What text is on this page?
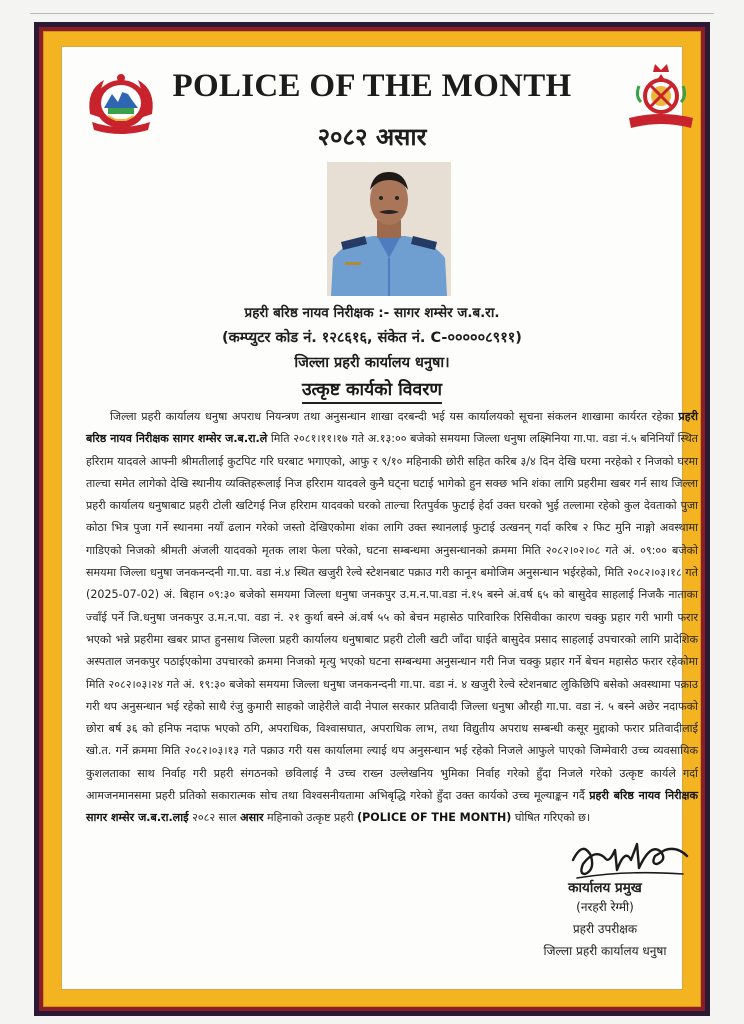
POLICE OF THE MONTH
२०८२ असार
प्रहरी बरिष्ठ नायव निरीक्षक :- सागर शम्सेर ज.ब.रा.
(कम्प्युटर कोड नं. १२८६१६, संकेत नं. C-०००००८९११)
जिल्ला प्रहरी कार्यालय धनुषा।
उत्कृष्ट कार्यको विवरण

जिल्ला प्रहरी कार्यालय धनुषा अपराध नियन्त्रण तथा अनुसन्धान शाखा दरबन्दी भई यस कार्यालयको सूचना संकलन शाखामा कार्यरत रहेका प्रहरी बरिष्ठ नायव निरीक्षक सागर शम्सेर ज.ब.रा.ले मिति २०८१।११।१७ गते अ.१३:०० बजेको समयमा जिल्ला धनुषा लक्ष्मिनिया गा.पा. वडा नं.५ बनिनियाँ स्थित हरिराम यादवले आफ्नी श्रीमतीलाई कुटपिट गरि घरबाट भगाएको, आफु र ९/१० महिनाकी छोरी सहित करिब ३/४ दिन देखि घरमा नरहेको र निजको घरमा ताल्चा समेत लागेको देखि स्थानीय व्यक्तिहरूलाई निज हरिराम यादवले कुनै घट्ना घटाई भागेको हुन सक्छ भनि शंका लागि प्रहरीमा खबर गर्न साथ जिल्ला प्रहरी कार्यालय धनुषाबाट प्रहरी टोली खटिगई निज हरिराम यादवको घरको ताल्चा रितपुर्वक फुटाई हेर्दा उक्त घरको भुई तल्लामा रहेको कुल देवताको पुजा कोठा भित्र पुजा गर्ने स्थानमा नयाँ ढलान गरेको जस्तो देखिएकोमा शंका लागि उक्त स्थानलाई फुटाई उत्खनन् गर्दा करिब २ फिट मुनि नाङ्गो अवस्थामा गाडिएको निजको श्रीमती अंजली यादवको मृतक लाश फेला परेको, घटना सम्बन्धमा अनुसन्धानको क्रममा मिति २०८२।०२।०८ गते अं. ०९:०० बजेको समयमा जिल्ला धनुषा जनकनन्दनी गा.पा. वडा नं.४ स्थित खजुरी रेल्वे स्टेशनबाट पक्राउ गरी कानून बमोजिम अनुसन्धान भईरहेको, मिति २०८२।०३।१८ गते (2025-07-02) अं. बिहान ०९:३० बजेको समयमा जिल्ला धनुषा जनकपुर उ.म.न.पा.वडा नं.१५ बस्ने अं.वर्ष ६५ को बासुदेव साहलाई निजकै नाताका ज्वाँई पर्ने जि.धनुषा जनकपुर उ.म.न.पा. वडा नं. २१ कुर्था बस्ने अं.वर्ष ५५ को बेचन महासेठ पारिवारिक रिसिवीका कारण चक्कु प्रहार गरी भागी फरार भएको भन्ने प्रहरीमा खबर प्राप्त हुनसाथ जिल्ला प्रहरी कार्यालय धनुषाबाट प्रहरी टोली खटी जाँदा घाईते बासुदेव प्रसाद साहलाई उपचारको लागि प्रादेशिक अस्पताल जनकपुर पठाईएकोमा उपचारको क्रममा निजको मृत्यु भएको घटना सम्बन्धमा अनुसन्धान गरी निज चक्कु प्रहार गर्ने बेचन महासेठ फरार रहेकोमा मिति २०८२।०३।२४ गते अं. १९:३० बजेको समयमा जिल्ला धनुषा जनकनन्दनी गा.पा. वडा नं. ४ खजुरी रेल्वे स्टेशनबाट लुकिछिपि बसेको अवस्थामा पक्राउ गरी थप अनुसन्धान भई रहेको साथै रंजु कुमारी साहको जाहेरीले वादी नेपाल सरकार प्रतिवादी जिल्ला धनुषा औरही गा.पा. वडा नं. ५ बस्ने अछेर नदाफको छोरा बर्ष ३६ को हनिफ नदाफ भएको ठगि, अपराधिक, विश्वासघात, अपराधिक लाभ, तथा विद्युतीय अपराध सम्बन्धी कसूर मुद्दाको फरार प्रतिवादीलाई खो.त. गर्ने क्रममा मिति २०८२।०३।१३ गते पक्राउ गरी यस कार्यालमा ल्याई थप अनुसन्धान भई रहेको निजले आफुले पाएको जिम्मेवारी उच्च व्यवसायिक कुशलताका साथ निर्वाह गरी प्रहरी संगठनको छविलाई नै उच्च राख्न उल्लेखनिय भुमिका निर्वाह गरेको हुँदा निजले गरेको उत्कृष्ट कार्यले गर्दा आमजनमानसमा प्रहरी प्रतिको सकारात्मक सोच तथा विश्वसनीयतामा अभिबृद्धि गरेको हुँदा उक्त कार्यको उच्च मूल्याङ्कन गर्दै प्रहरी बरिष्ठ नायव निरीक्षक सागर शम्सेर ज.ब.रा.लाई २०८२ साल असार महिनाको उत्कृष्ट प्रहरी (POLICE OF THE MONTH) घोषित गरिएको छ।

कार्यालय प्रमुख
(नरहरी रेग्मी)
प्रहरी उपरीक्षक
जिल्ला प्रहरी कार्यालय धनुषा
